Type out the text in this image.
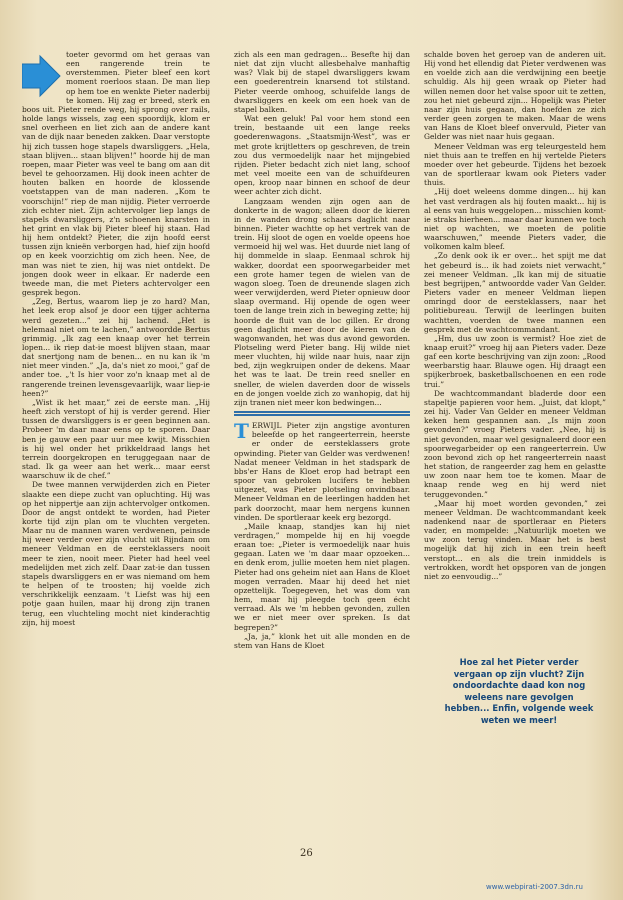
toeter gevormd om het geraas van een rangerende trein te overstemmen. Pieter bleef een kort moment roerloos staan. De man liep op hem toe en wenkte Pieter naderbij te komen. Hij zag er breed, sterk en boos uit. Pieter rende weg, hij sprong over rails, holde langs wissels, zag een spoordijk, klom er snel overheen en liet zich aan de andere kant van de dijk naar beneden zakken. Daar verstopte hij zich tussen hoge stapels dwarsliggers. „Hela, staan blijven... staan blijven!” hoorde hij de man roepen, maar Pieter was veel te bang om aan dit bevel te gehoorzamen. Hij dook ineen achter de houten balken en hoorde de klossende voetstappen van de man naderen. „Kom te voorschijn!” riep de man nijdig. Pieter verroerde zich echter niet. Zijn achtervolger liep langs de stapels dwarsliggers, z'n schoenen knarsten in het grint en vlak bij Pieter bleef hij staan. Had hij hem ontdekt? Pieter, die zijn hoofd eerst tussen zijn knieën verborgen had, hief zijn hoofd op en keek voorzichtig om zich heen. Nee, de man was niet te zien, hij was niet ontdekt. De jongen dook weer in elkaar. Er naderde een tweede man, die met Pieters achtervolger een gesprek begon.

„Zeg, Bertus, waarom liep je zo hard? Man, het leek erop alsof je door een tijger achterna werd gezeten...” zei hij lachend. „Het is helemaal niet om te lachen,” antwoordde Bertus grimmig. „Ik zag een knaap over het terrein lopen... ik riep dat-ie moest blijven staan, maar dat snertjong nam de benen... en nu kan ik 'm niet meer vinden.” „Ja, da's niet zo mooi,” gaf de ander toe. „'t Is hier voor zo'n knaap met al de rangerende treinen levensgevaarlijk, waar liep-ie heen?”

„Wist ik het maar,” zei de eerste man. „Hij heeft zich verstopt of hij is verder gerend. Hier tussen de dwarsliggers is er geen beginnen aan. Probeer 'm daar maar eens op te sporen. Daar ben je gauw een paar uur mee kwijt. Misschien is hij wel onder het prikkeldraad langs het terrein doorgekropen en teruggegaan naar de stad. Ik ga weer aan het werk... maar eerst waarschuw ik de chef.”

De twee mannen verwijderden zich en Pieter slaakte een diepe zucht van opluchting. Hij was op het nippertje aan zijn achtervolger ontkomen. Door de angst ontdekt te worden, had Pieter korte tijd zijn plan om te vluchten vergeten. Maar nu de mannen waren verdwenen, peinsde hij weer verder over zijn vlucht uit Rijndam om meneer Veldman en de eersteklassers nooit meer te zien, nooit meer. Pieter had heel veel medelijden met zich zelf. Daar zat-ie dan tussen stapels dwarsliggers en er was niemand om hem te helpen of te troosten; hij voelde zich verschrikkelijk eenzaam. 't Liefst was hij een potje gaan huilen, maar hij drong zijn tranen terug, een vluchteling mocht niet kinderachtig zijn, hij moest

zich als een man gedragen... Besefte hij dan niet dat zijn vlucht allesbehalve manhaftig was? Vlak bij de stapel dwarsliggers kwam een goederentrein knarsend tot stilstand. Pieter veerde omhoog, schuifelde langs de dwarsliggers en keek om een hoek van de stapel balken.

Wat een geluk! Pal voor hem stond een trein, bestaande uit een lange reeks goederenwagons. „Staatsmijn-West”, was er met grote krijtletters op geschreven, de trein zou dus vermoedelijk naar het mijngebied rijden. Pieter bedacht zich niet lang, schoof met veel moeite een van de schuifdeuren open, kroop naar binnen en schoof de deur weer achter zich dicht.

Langzaam wenden zijn ogen aan de donkerte in de wagon; alleen door de kieren in de wanden drong schaars daglicht naar binnen. Pieter wachtte op het vertrek van de trein. Hij sloot de ogen en voelde opeens hoe vermoeid hij wel was. Het duurde niet lang of hij dommelde in slaap. Eenmaal schrok hij wakker, doordat een spoorwegarbeider met een grote hamer tegen de wielen van de wagon sloeg. Toen de dreunende slagen zich weer verwijderden, werd Pieter opnieuw door slaap overmand. Hij opende de ogen weer toen de lange trein zich in beweging zette; hij hoorde de fluit van de loc gillen. Er drong geen daglicht meer door de kieren van de wagonwanden, het was dus avond geworden. Plotseling werd Pieter bang. Hij wilde niet meer vluchten, hij wilde naar huis, naar zijn bed, zijn wegkruipen onder de dekens. Maar het was te laat. De trein reed sneller en sneller, de wielen daverden door de wissels en de jongen voelde zich zo wanhopig, dat hij zijn tranen niet meer kon bedwingen...

TERWIJL Pieter zijn angstige avonturen beleefde op het rangeerterrein, heerste er onder de eersteklassers grote opwinding. Pieter van Gelder was verdwenen! Nadat meneer Veldman in het stadspark de bbs'er Hans de Kloet erop had betrapt een spoor van gebroken lucifers te hebben uitgezet, was Pieter plotseling onvindbaar. Meneer Veldman en de leerlingen hadden het park doorzocht, maar hem nergens kunnen vinden. De sportleraar keek erg bezorgd.

„Maile knaap, standjes kan hij niet verdragen,” mompelde hij en hij voegde eraan toe: „Pieter is vermoedelijk naar huis gegaan. Laten we 'm daar maar opzoeken... en denk erom, jullie moeten hem niet plagen. Pieter had ons geheim niet aan Hans de Kloet mogen verraden. Maar hij deed het niet opzettelijk. Toegegeven, het was dom van hem, maar hij pleegde toch geen écht verraad. Als we 'm hebben gevonden, zullen we er niet meer over spreken. Is dat begrepen?”

„Ja, ja,” klonk het uit alle monden en de stem van Hans de Kloet

schalde boven het geroep van de anderen uit. Hij vond het ellendig dat Pieter verdwenen was en voelde zich aan die verdwijning een beetje schuldig. Als hij geen wraak op Pieter had willen nemen door het valse spoor uit te zetten, zou het niet gebeurd zijn... Hopelijk was Pieter naar zijn huis gegaan, dan hoefden ze zich verder geen zorgen te maken. Maar de wens van Hans de Kloet bleef onvervuld, Pieter van Gelder was niet naar huis gegaan.

Meneer Veldman was erg teleurgesteld hem niet thuis aan te treffen en hij vertelde Pieters moeder over het gebeurde. Tijdens het bezoek van de sportleraar kwam ook Pieters vader thuis.

„Hij doet weleens domme dingen... hij kan het vast verdragen als hij fouten maakt... hij is al eens van huis weggelopen... misschien komt-ie straks hierheen... maar daar kunnen we toch niet op wachten, we moeten de politie waarschuwen,” meende Pieters vader, die volkomen kalm bleef.

„Zo denk ook ik er over... het spijt me dat het gebeurd is... ik had zoiets niet verwacht,” zei meneer Veldman. „Ik kan mij de situatie best begrijpen,” antwoordde vader Van Gelder. Pieters vader en meneer Veldman liepen omringd door de eersteklassers, naar het politiebureau. Terwijl de leerlingen buiten wachtten, voerden de twee mannen een gesprek met de wachtcommandant.

„Hm, dus uw zoon is vermist? Hoe ziet de knaap eruit?” vroeg hij aan Pieters vader. Deze gaf een korte beschrijving van zijn zoon: „Rood weerbarstig haar. Blauwe ogen. Hij draagt een spijkerbroek, basketballschoenen en een rode trui.”

De wachtcommandant bladerde door een stapeltje papieren voor hem. „Juist, dat klopt,” zei hij. Vader Van Gelder en meneer Veldman keken hem gespannen aan. „Is mijn zoon gevonden?” vroeg Pieters vader. „Nee, hij is niet gevonden, maar wel gesignaleerd door een spoorwegarbeider op een rangeerterrein. Uw zoon bevond zich op het rangeerterrein naast het station, de rangeerder zag hem en gelastte uw zoon naar hem toe te komen. Maar de knaap rende weg en hij werd niet teruggevonden.”

„Maar hij moet worden gevonden,” zei meneer Veldman. De wachtcommandant keek nadenkend naar de sportleraar en Pieters vader, en mompelde: „Natuurlijk moeten we uw zoon terug vinden. Maar het is best mogelijk dat hij zich in een trein heeft verstopt... en als die trein inmiddels is vertrokken, wordt het opsporen van de jongen niet zo eenvoudig...”

Hoe zal het Pieter verder vergaan op zijn vlucht? Zijn ondoordachte daad kon nog weleens nare gevolgen hebben... Enfin, volgende week weten we meer!
26
www.webpirati-2007.3dn.ru
